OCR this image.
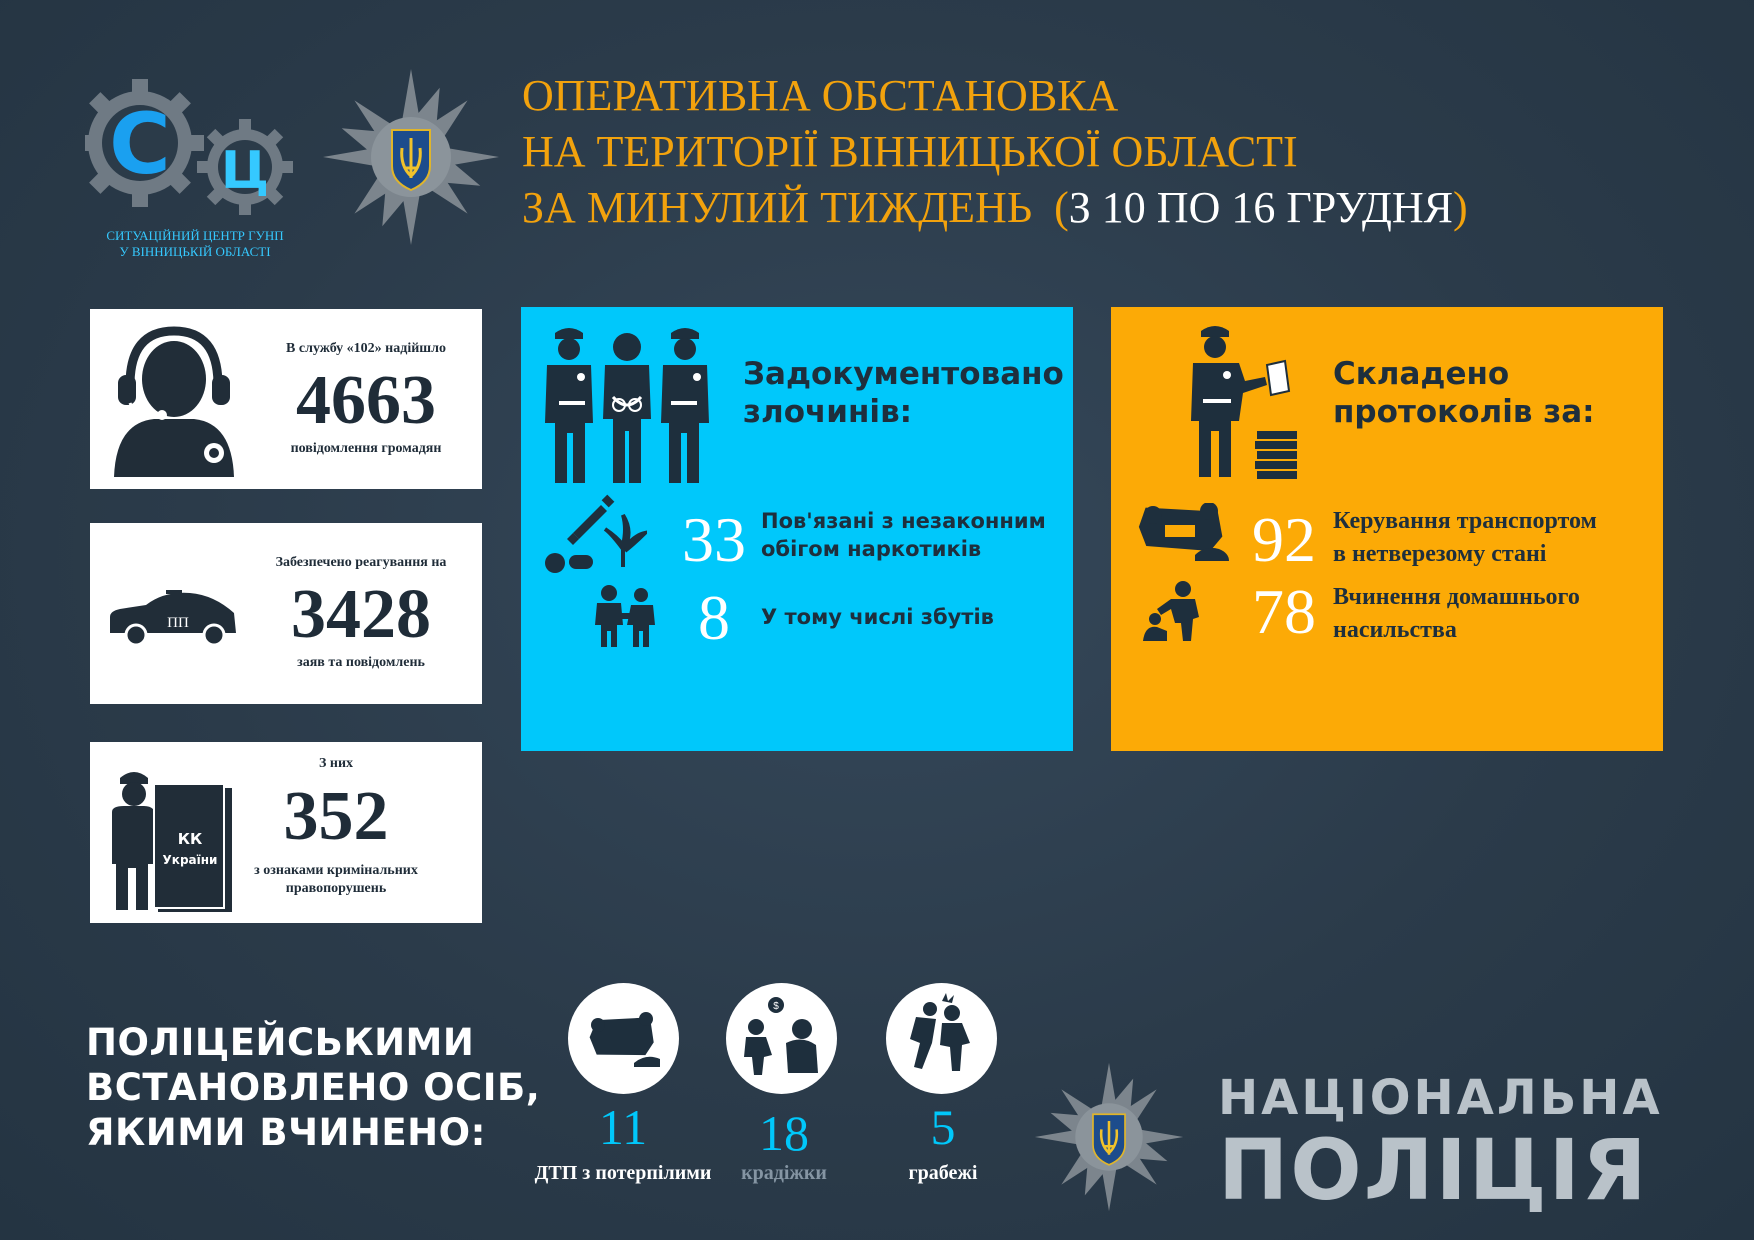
С Ц
СИТУАЦІЙНИЙ ЦЕНТР ГУНП
У ВІННИЦЬКІЙ ОБЛАСТІ
ОПЕРАТИВНА ОБСТАНОВКА
НА ТЕРИТОРІЇ ВІННИЦЬКОЇ ОБЛАСТІ
ЗА МИНУЛИЙ ТИЖДЕНЬ  (З 10 ПО 16 ГРУДНЯ)
В службу «102» надійшло
4663
повідомлення громадян
ПП
Забезпечено реагування на
3428
заяв та повідомлень
КК
України
З них
352
з ознаками кримінальних
правопорушень
Задокументовано
злочинів:
33 Пов'язані з незаконним
обігом наркотиків
8	У тому числі збутів
Складено
протоколів за:
92 Керування транспортом
в нетверезому стані
78 Вчинення домашнього
насильства
ПОЛІЦЕЙСЬКИМИ
ВСТАНОВЛЕНО ОСІБ,
ЯКИМИ ВЧИНЕНО:	11
ДТП з потерпілими
$
18
крадіжки
5
грабежі
НАЦІОНАЛЬНА
ПОЛІЦІЯ
